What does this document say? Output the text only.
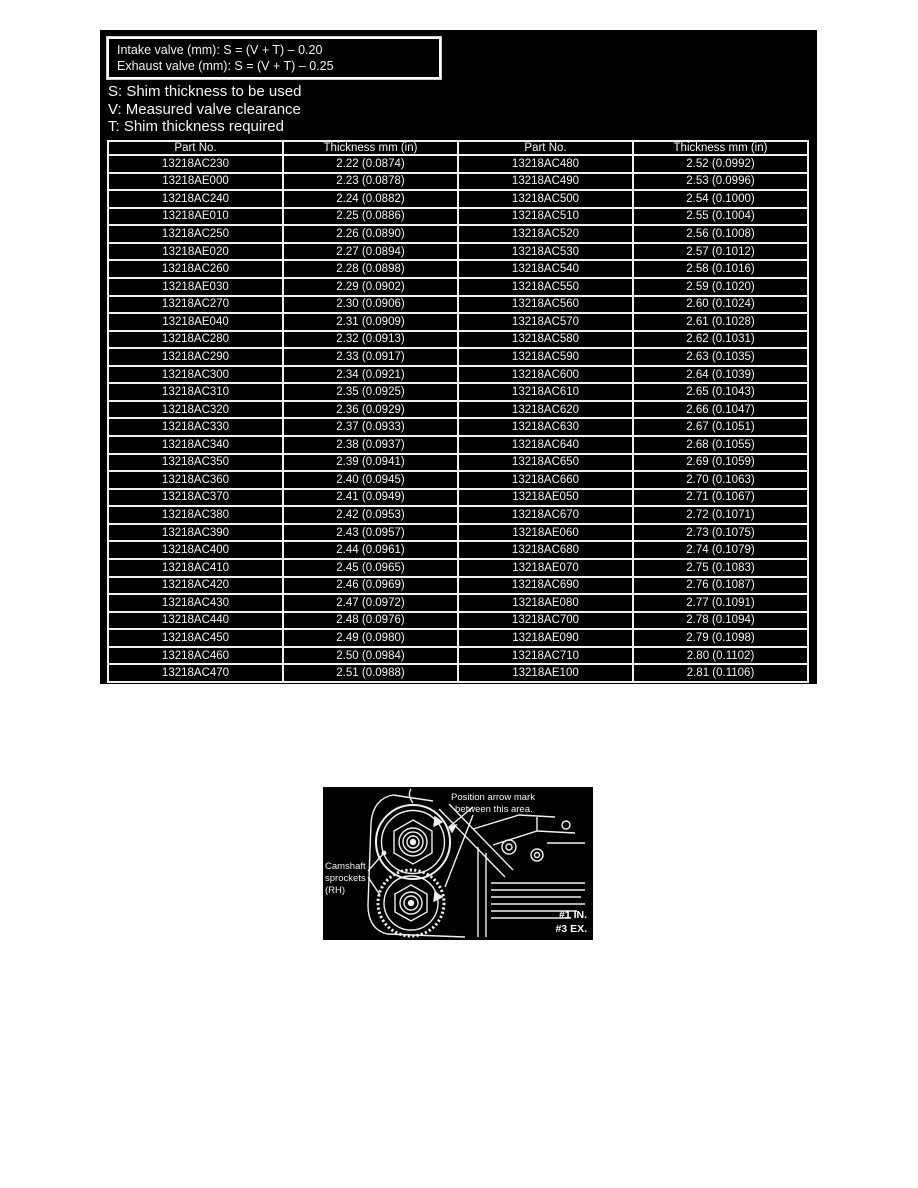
Intake valve (mm): S = (V + T) – 0.20
Exhaust valve (mm): S = (V + T) – 0.25
S: Shim thickness to be used
V: Measured valve clearance
T: Shim thickness required
Part No.	Thickness mm (in)	Part No.	Thickness mm (in)
13218AC230	2.22 (0.0874)	13218AC480	2.52 (0.0992)
13218AE000	2.23 (0.0878)	13218AC490	2.53 (0.0996)
13218AC240	2.24 (0.0882)	13218AC500	2.54 (0.1000)
13218AE010	2.25 (0.0886)	13218AC510	2.55 (0.1004)
13218AC250	2.26 (0.0890)	13218AC520	2.56 (0.1008)
13218AE020	2.27 (0.0894)	13218AC530	2.57 (0.1012)
13218AC260	2.28 (0.0898)	13218AC540	2.58 (0.1016)
13218AE030	2.29 (0.0902)	13218AC550	2.59 (0.1020)
13218AC270	2.30 (0.0906)	13218AC560	2.60 (0.1024)
13218AE040	2.31 (0.0909)	13218AC570	2.61 (0.1028)
13218AC280	2.32 (0.0913)	13218AC580	2.62 (0.1031)
13218AC290	2.33 (0.0917)	13218AC590	2.63 (0.1035)
13218AC300	2.34 (0.0921)	13218AC600	2.64 (0.1039)
13218AC310	2.35 (0.0925)	13218AC610	2.65 (0.1043)
13218AC320	2.36 (0.0929)	13218AC620	2.66 (0.1047)
13218AC330	2.37 (0.0933)	13218AC630	2.67 (0.1051)
13218AC340	2.38 (0.0937)	13218AC640	2.68 (0.1055)
13218AC350	2.39 (0.0941)	13218AC650	2.69 (0.1059)
13218AC360	2.40 (0.0945)	13218AC660	2.70 (0.1063)
13218AC370	2.41 (0.0949)	13218AE050	2.71 (0.1067)
13218AC380	2.42 (0.0953)	13218AC670	2.72 (0.1071)
13218AC390	2.43 (0.0957)	13218AE060	2.73 (0.1075)
13218AC400	2.44 (0.0961)	13218AC680	2.74 (0.1079)
13218AC410	2.45 (0.0965)	13218AE070	2.75 (0.1083)
13218AC420	2.46 (0.0969)	13218AC690	2.76 (0.1087)
13218AC430	2.47 (0.0972)	13218AE080	2.77 (0.1091)
13218AC440	2.48 (0.0976)	13218AC700	2.78 (0.1094)
13218AC450	2.49 (0.0980)	13218AE090	2.79 (0.1098)
13218AC460	2.50 (0.0984)	13218AC710	2.80 (0.1102)
13218AC470	2.51 (0.0988)	13218AE100	2.81 (0.1106)
Position arrow mark
between this area.
Camshaft
sprockets
(RH)
#1 IN.
#3 EX.
